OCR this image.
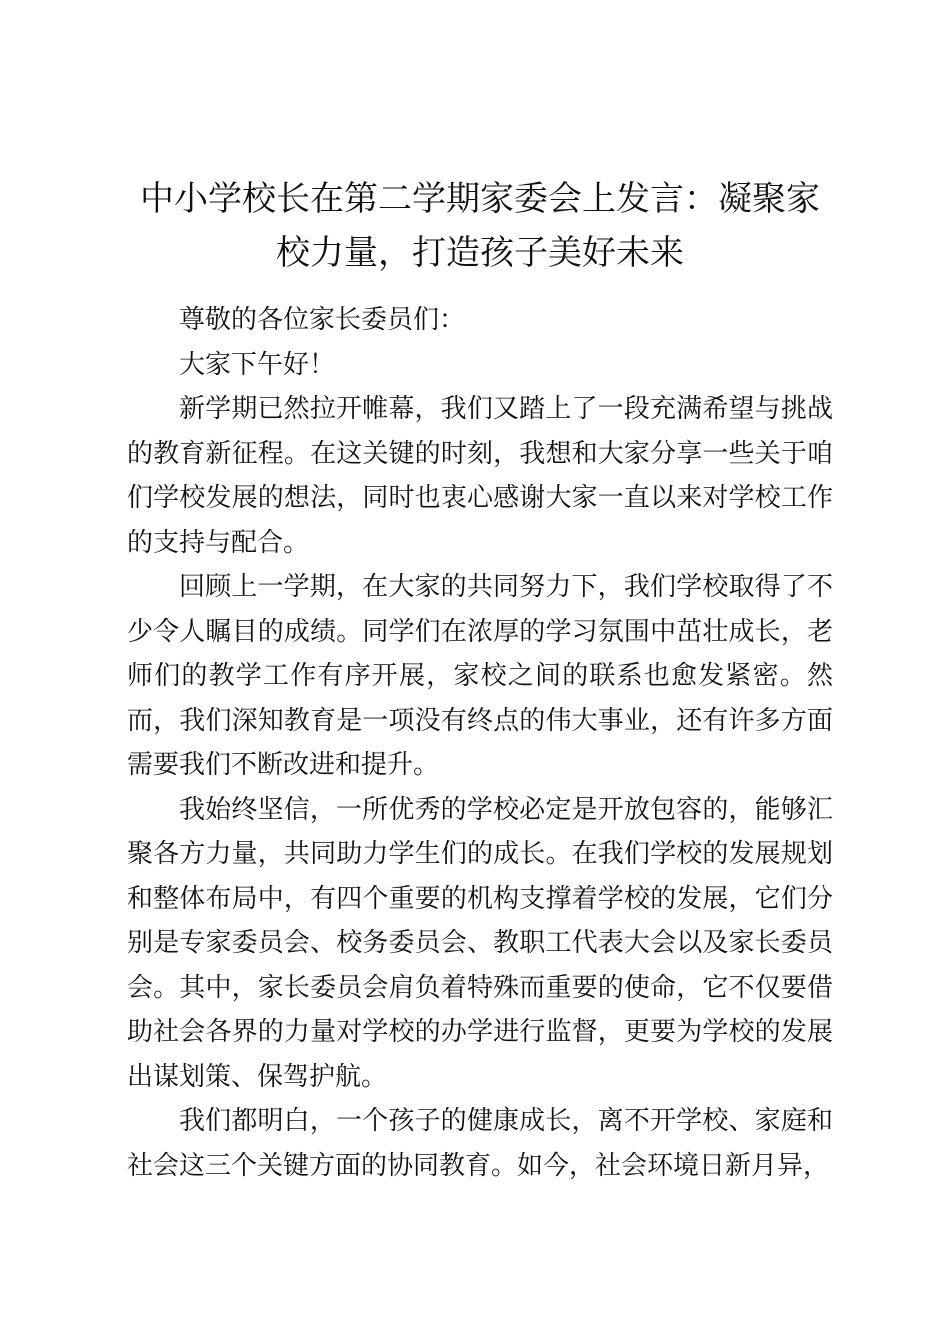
中小学校长在第二学期家委会上发言：凝聚家校力量，打造孩子美好未来

尊敬的各位家长委员们：

大家下午好！

新学期已然拉开帷幕，我们又踏上了一段充满希望与挑战的教育新征程。在这关键的时刻，我想和大家分享一些关于咱们学校发展的想法，同时也衷心感谢大家一直以来对学校工作的支持与配合。

回顾上一学期，在大家的共同努力下，我们学校取得了不少令人瞩目的成绩。同学们在浓厚的学习氛围中茁壮成长，老师们的教学工作有序开展，家校之间的联系也愈发紧密。然而，我们深知教育是一项没有终点的伟大事业，还有许多方面需要我们不断改进和提升。

我始终坚信，一所优秀的学校必定是开放包容的，能够汇聚各方力量，共同助力学生们的成长。在我们学校的发展规划和整体布局中，有四个重要的机构支撑着学校的发展，它们分别是专家委员会、校务委员会、教职工代表大会以及家长委员会。其中，家长委员会肩负着特殊而重要的使命，它不仅要借助社会各界的力量对学校的办学进行监督，更要为学校的发展出谋划策、保驾护航。

我们都明白，一个孩子的健康成长，离不开学校、家庭和社会这三个关键方面的协同教育。如今，社会环境日新月异，
